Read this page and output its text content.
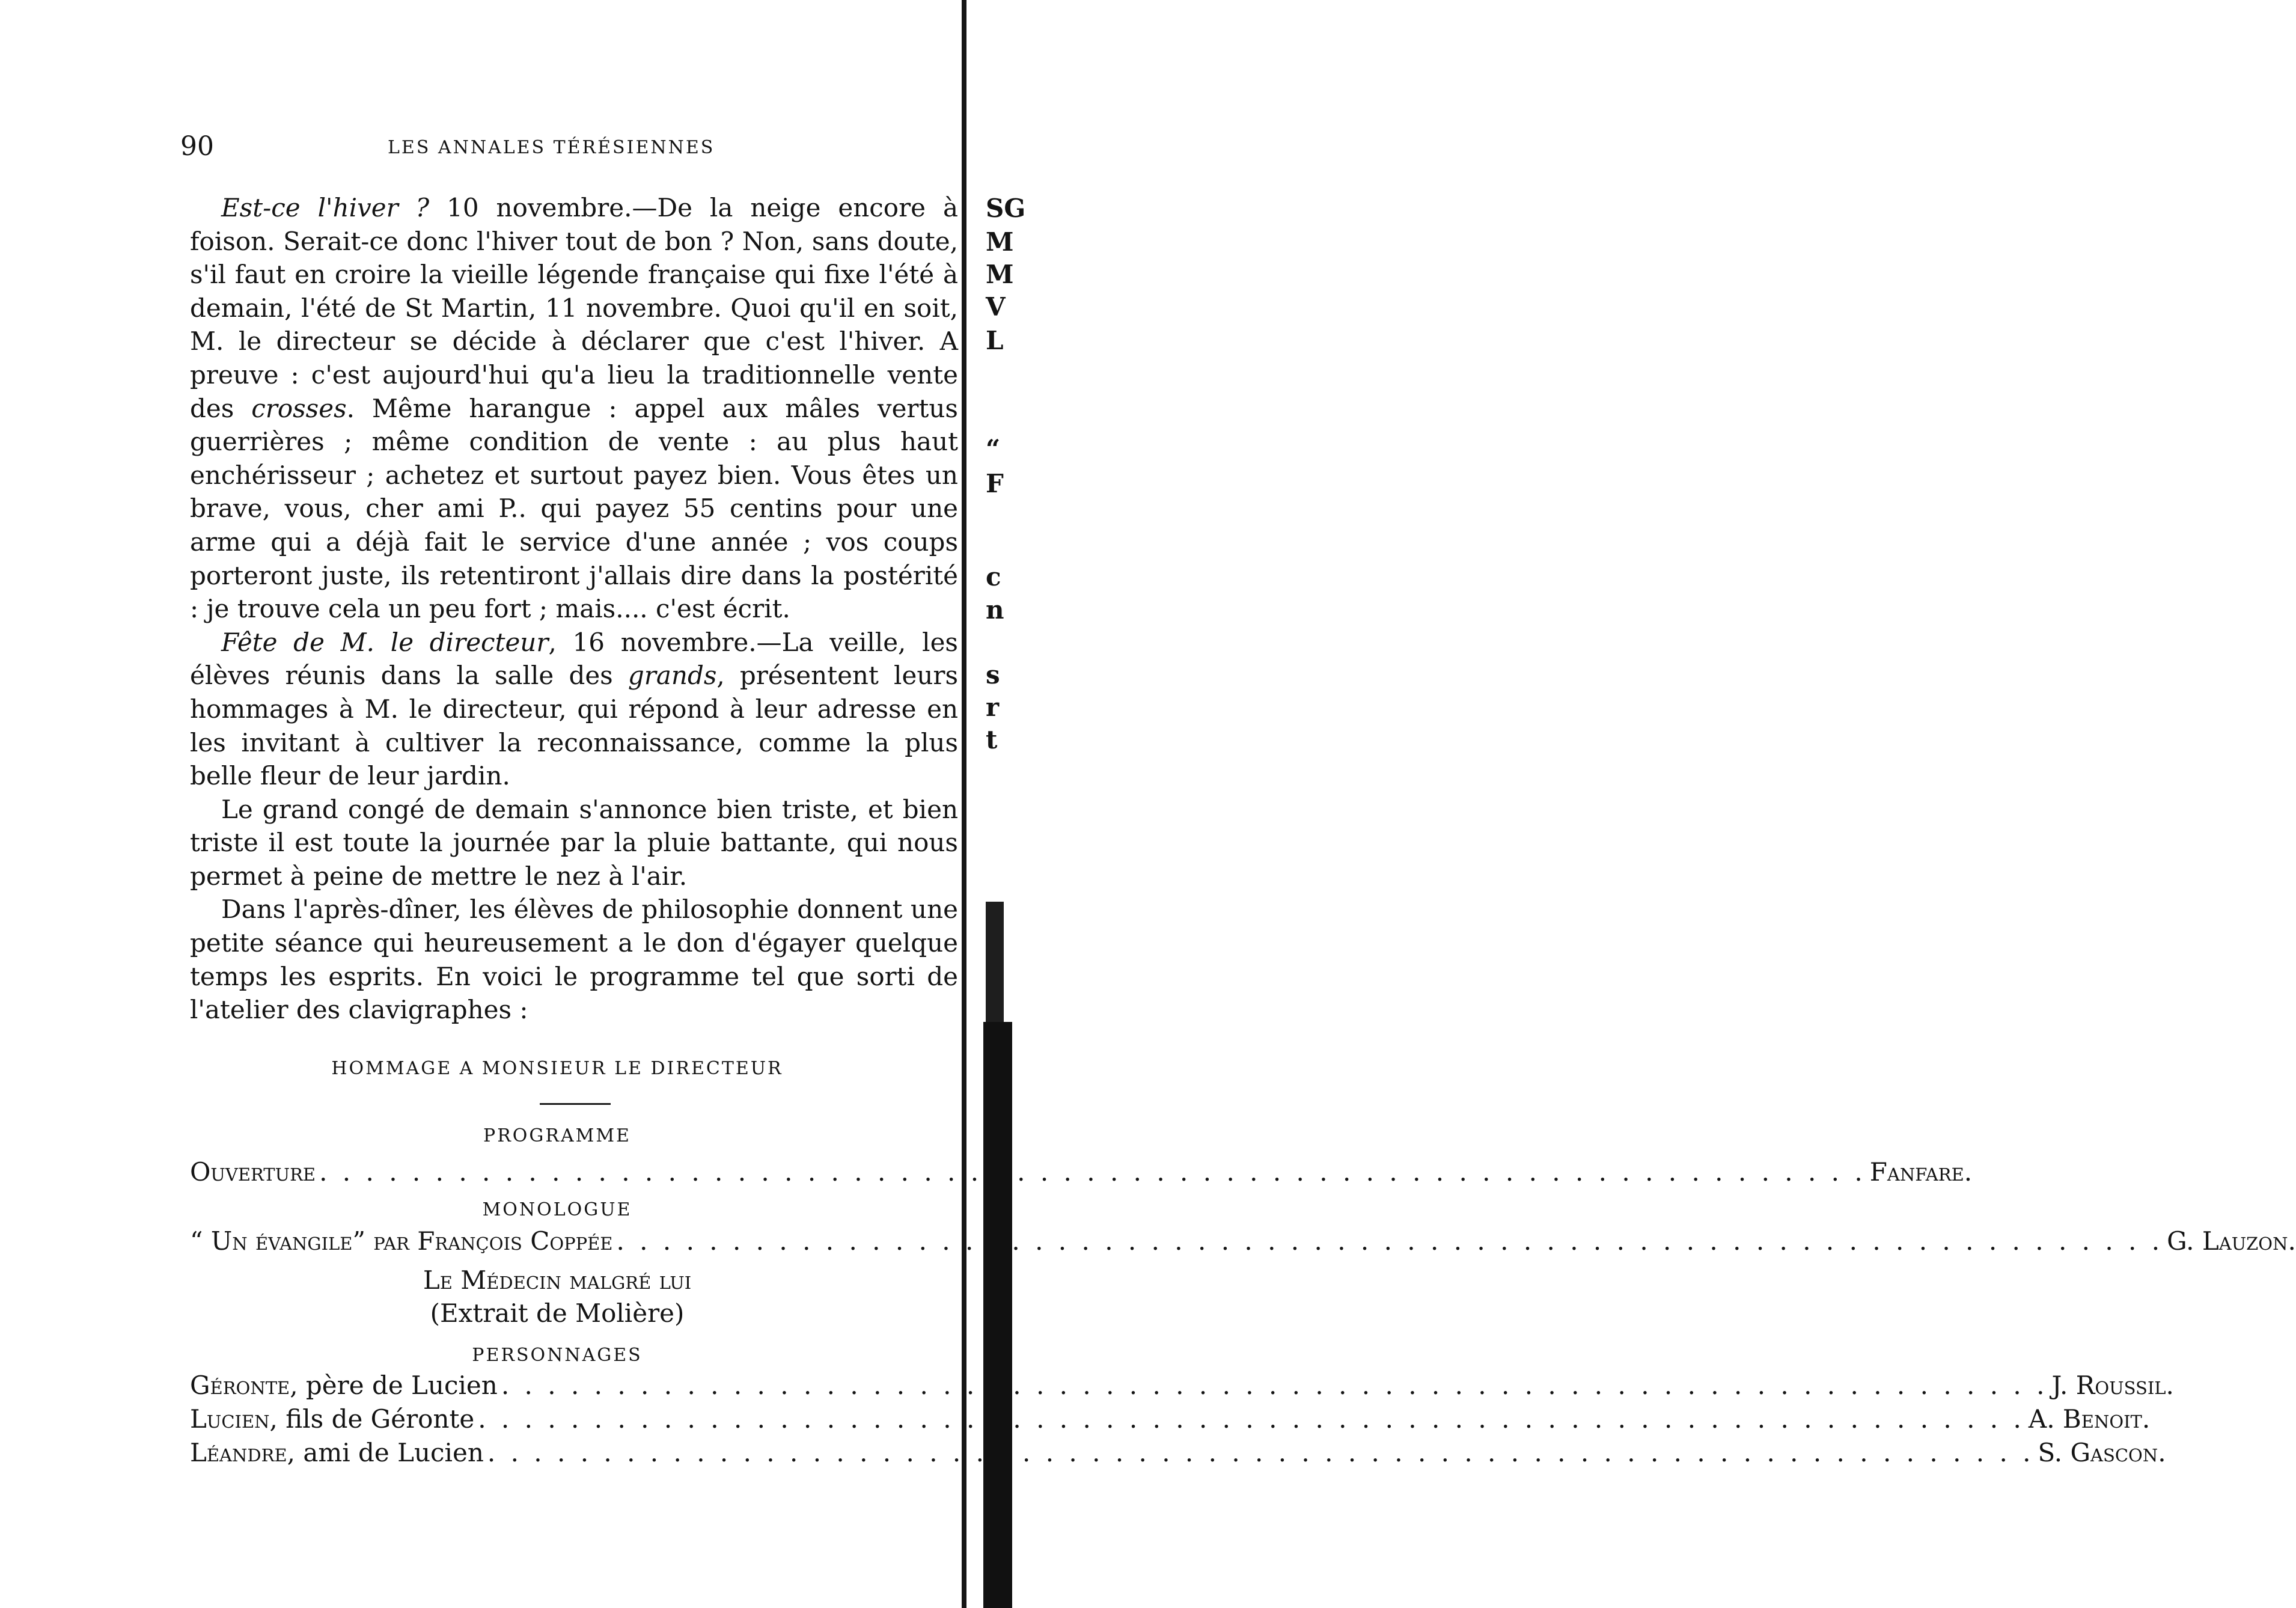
90	LES ANNALES TÉRÉSIENNES

Est-ce l'hiver ? 10 novembre.—De la neige encore à foison. Serait-ce donc l'hiver tout de bon ? Non, sans doute, s'il faut en croire la vieille légende française qui fixe l'été à demain, l'été de St Martin, 11 novembre. Quoi qu'il en soit, M. le directeur se décide à déclarer que c'est l'hiver. A preuve : c'est aujourd'hui qu'a lieu la traditionnelle vente des crosses. Même harangue : appel aux mâles vertus guerrières ; même condition de vente : au plus haut enchérisseur ; achetez et surtout payez bien. Vous êtes un brave, vous, cher ami P.. qui payez 55 centins pour une arme qui a déjà fait le service d'une année ; vos coups porteront juste, ils retentiront j'allais dire dans la postérité : je trouve cela un peu fort ; mais.... c'est écrit.

Fête de M. le directeur, 16 novembre.—La veille, les élèves réunis dans la salle des grands, présentent leurs hommages à M. le directeur, qui répond à leur adresse en les invitant à cultiver la reconnaissance, comme la plus belle fleur de leur jardin.

Le grand congé de demain s'annonce bien triste, et bien triste il est toute la journée par la pluie battante, qui nous permet à peine de mettre le nez à l'air.

Dans l'après-dîner, les élèves de philosophie donnent une petite séance qui heureusement a le don d'égayer quelque temps les esprits. En voici le programme tel que sorti de l'atelier des clavigraphes :

HOMMAGE A MONSIEUR LE DIRECTEUR
PROGRAMME
Ouverture . . .	Fanfare.
MONOLOGUE
“ Un évangile” par François Coppée . . .	G. Lauzon.
Le Médecin malgré lui
(Extrait de Molière)
PERSONNAGES
Géronte, père de Lucien . . .	J. Roussil.
Lucien, fils de Géronte . . .	A. Benoit.
Léandre, ami de Lucien . . .	S. Gascon.
SG
M
M
V
L
“
F
c
n
s
r
t
